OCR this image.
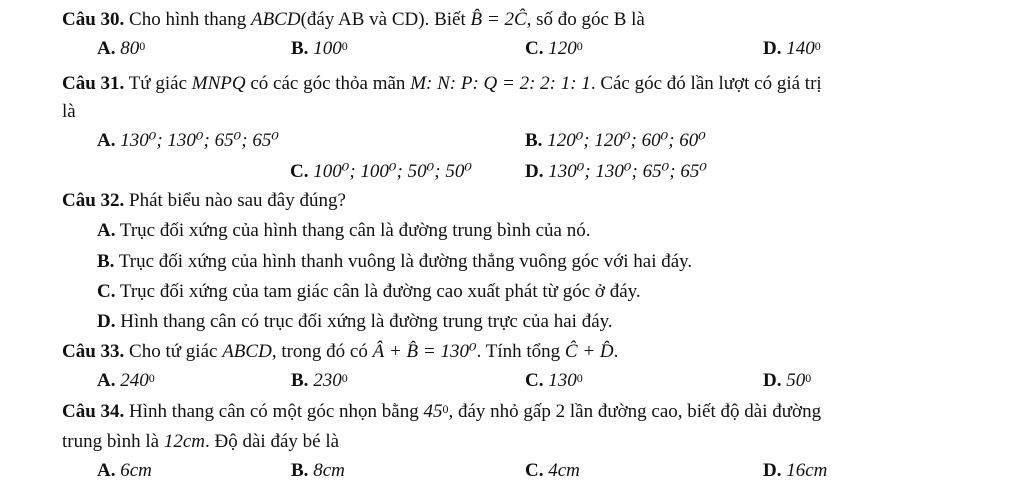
Câu 30. Cho hình thang ABCD(đáy AB và CD). Biết B̂ = 2Ĉ, số đo góc B là
A. $80^0$	B. $100^0$	C. $120^0$	D. $140^0$
Câu 31. Tứ giác MNPQ có các góc thỏa mãn M: N: P: Q = 2: 2: 1: 1. Các góc đó lần lượt có giá trị
là
A. 130⁰; 130⁰; 65⁰; 65⁰	B. 120⁰; 120⁰; 60⁰; 60⁰
C. 100⁰; 100⁰; 50⁰; 50⁰	D. 130⁰; 130⁰; 65⁰; 65⁰
Câu 32. Phát biểu nào sau đây đúng?
A. Trục đối xứng của hình thang cân là đường trung bình của nó.
B. Trục đối xứng của hình thanh vuông là đường thẳng vuông góc với hai đáy.
C. Trục đối xứng của tam giác cân là đường cao xuất phát từ góc ở đáy.
D. Hình thang cân có trục đối xứng là đường trung trực của hai đáy.
Câu 33. Cho tứ giác ABCD, trong đó có Â + B̂ = 130⁰. Tính tổng Ĉ + D̂.
A. $240^0$	B. $230^0$	C. $130^0$	D. $50^0$
Câu 34. Hình thang cân có một góc nhọn bằng $45^0$, đáy nhỏ gấp 2 lần đường cao, biết độ dài đường
trung bình là 12cm. Độ dài đáy bé là
A. 6cm	B. 8cm	C. 4cm	D. 16cm
